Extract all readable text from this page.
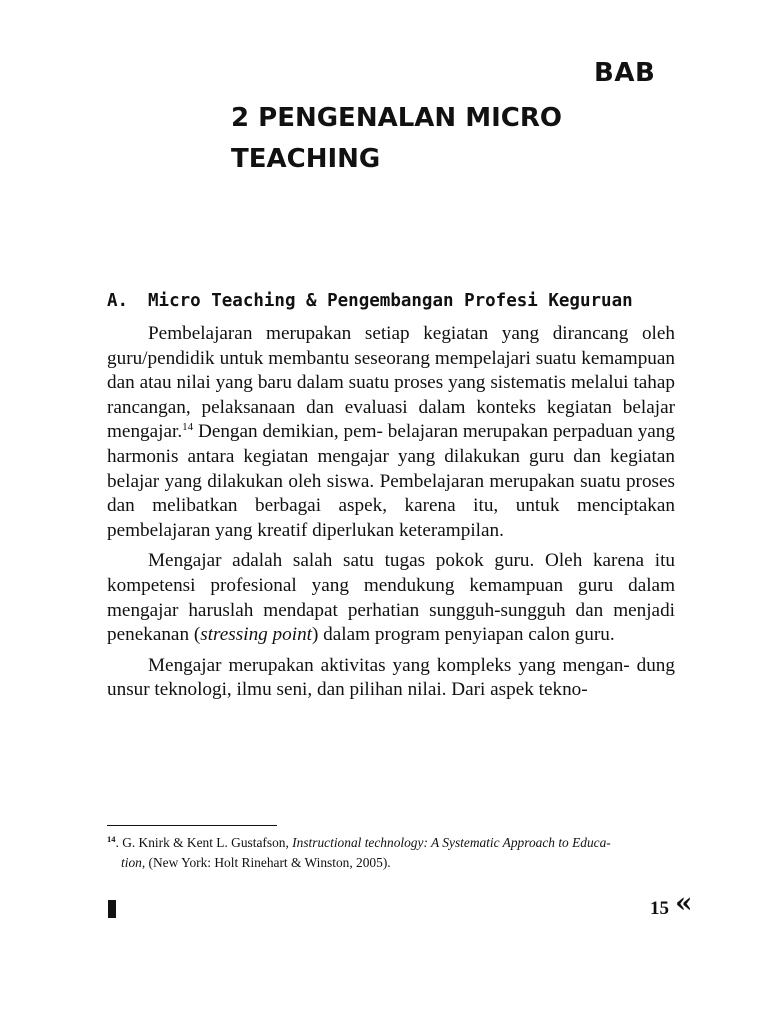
BAB
2 PENGENALAN MICRO
TEACHING
A. Micro Teaching & Pengembangan Profesi Keguruan

Pembelajaran merupakan setiap kegiatan yang dirancang oleh guru/pendidik untuk membantu seseorang mempelajari suatu kemampuan dan atau nilai yang baru dalam suatu proses yang sistematis melalui tahap rancangan, pelaksanaan dan evaluasi dalam konteks kegiatan belajar mengajar.$^{14}$ Dengan demikian, pem- belajaran merupakan perpaduan yang harmonis antara kegiatan mengajar yang dilakukan guru dan kegiatan belajar yang dilakukan oleh siswa. Pembelajaran merupakan suatu proses dan melibatkan berbagai aspek, karena itu, untuk menciptakan pembelajaran yang kreatif diperlukan keterampilan.

Mengajar adalah salah satu tugas pokok guru. Oleh karena itu kompetensi profesional yang mendukung kemampuan guru dalam mengajar haruslah mendapat perhatian sungguh-sungguh dan menjadi penekanan (stressing point) dalam program penyiapan calon guru.

Mengajar merupakan aktivitas yang kompleks yang mengan- dung unsur teknologi, ilmu seni, dan pilihan nilai. Dari aspek tekno-

$^{14}$. G. Knirk & Kent L. Gustafson, Instructional technology: A Systematic Approach to Educa-
tion, (New York: Holt Rinehart & Winston, 2005).
15 «
